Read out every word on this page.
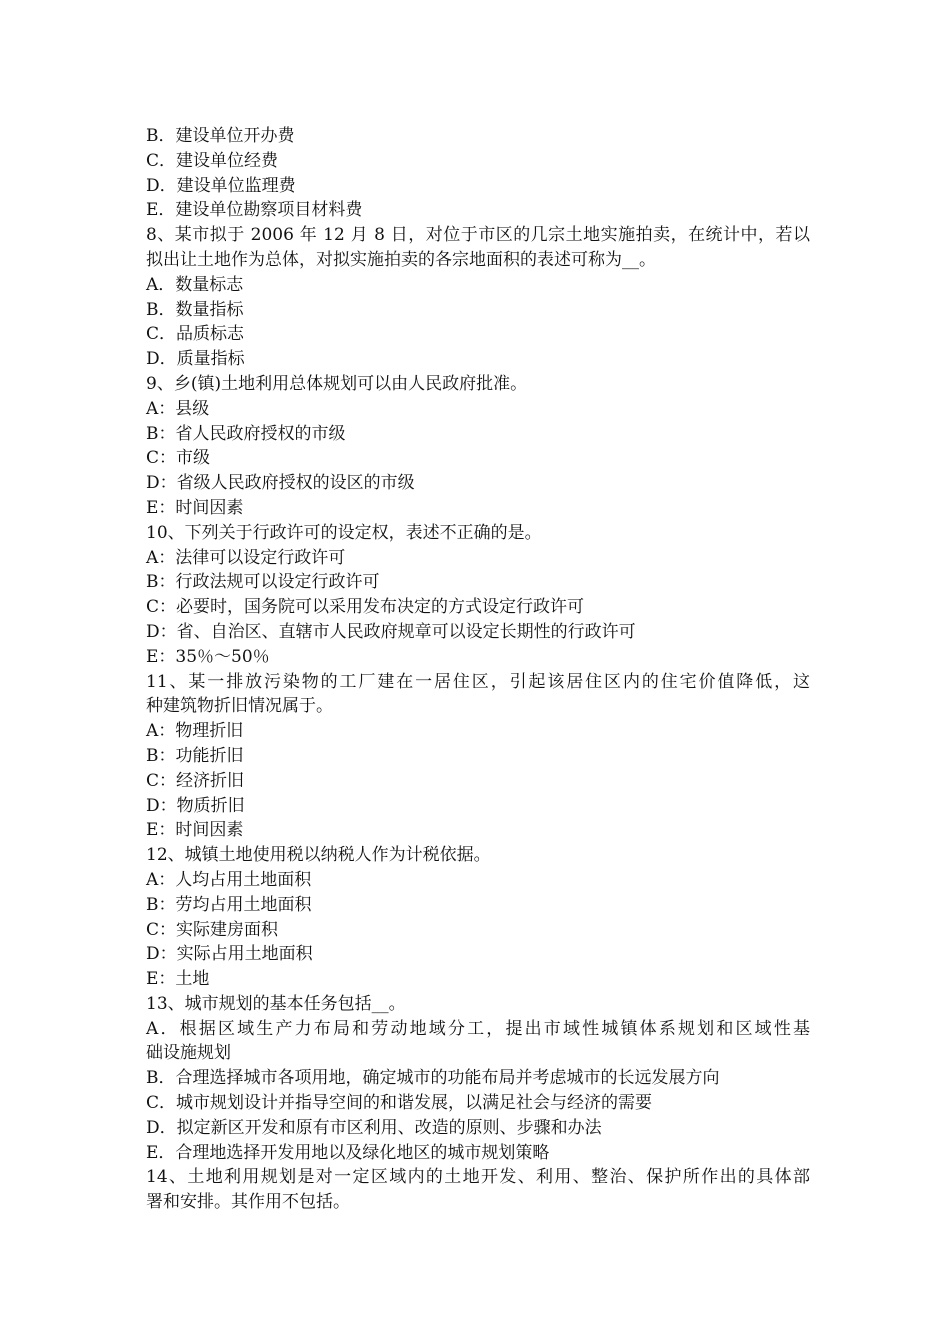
B．建设单位开办费
C．建设单位经费
D．建设单位监理费
E．建设单位勘察项目材料费
8、某市拟于 2006 年 12 月 8 日，对位于市区的几宗土地实施拍卖，在统计中，若以
拟出让土地作为总体，对拟实施拍卖的各宗地面积的表述可称为__。
A．数量标志
B．数量指标
C．品质标志
D．质量指标
9、乡(镇)土地利用总体规划可以由人民政府批准。
A：县级
B：省人民政府授权的市级
C：市级
D：省级人民政府授权的设区的市级
E：时间因素
10、下列关于行政许可的设定权，表述不正确的是。
A：法律可以设定行政许可
B：行政法规可以设定行政许可
C：必要时，国务院可以采用发布决定的方式设定行政许可
D：省、自治区、直辖市人民政府规章可以设定长期性的行政许可
E：35％～50％
11、某一排放污染物的工厂建在一居住区，引起该居住区内的住宅价值降低，这
种建筑物折旧情况属于。
A：物理折旧
B：功能折旧
C：经济折旧
D：物质折旧
E：时间因素
12、城镇土地使用税以纳税人作为计税依据。
A：人均占用土地面积
B：劳均占用土地面积
C：实际建房面积
D：实际占用土地面积
E：土地
13、城市规划的基本任务包括__。
A．根据区域生产力布局和劳动地域分工，提出市域性城镇体系规划和区域性基
础设施规划
B．合理选择城市各项用地，确定城市的功能布局并考虑城市的长远发展方向
C．城市规划设计并指导空间的和谐发展，以满足社会与经济的需要
D．拟定新区开发和原有市区利用、改造的原则、步骤和办法
E．合理地选择开发用地以及绿化地区的城市规划策略
14、土地利用规划是对一定区域内的土地开发、利用、整治、保护所作出的具体部
署和安排。其作用不包括。
